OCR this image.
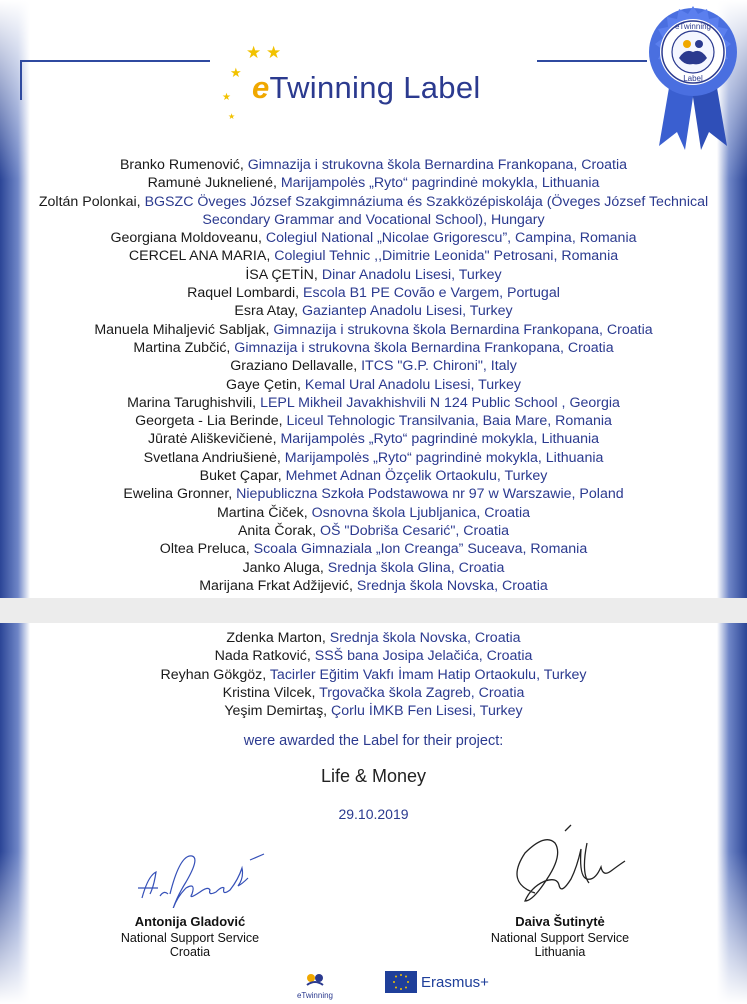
★ ★
★
★
★
eTwinning Label
eTwinning
Label
Branko Rumenović, Gimnazija i strukovna škola Bernardina Frankopana, Croatia
Ramunė Jukneliené, Marijampolės „Ryto“ pagrindinė mokykla, Lithuania
Zoltán Polonkai, BGSZC Öveges József Szakgimnáziuma és Szakközépiskolája (Öveges József Technical Secondary Grammar and Vocational School), Hungary
Georgiana Moldoveanu, Colegiul National „Nicolae Grigorescu”, Campina, Romania
CERCEL ANA MARIA, Colegiul Tehnic ,,Dimitrie Leonida" Petrosani, Romania
İSA ÇETİN, Dinar Anadolu Lisesi, Turkey
Raquel Lombardi, Escola B1 PE Covão e Vargem, Portugal
Esra Atay, Gaziantep Anadolu Lisesi, Turkey
Manuela Mihaljević Sabljak, Gimnazija i strukovna škola Bernardina Frankopana, Croatia
Martina Zubčić, Gimnazija i strukovna škola Bernardina Frankopana, Croatia
Graziano Dellavalle, ITCS "G.P. Chironi", Italy
Gaye Çetin, Kemal Ural Anadolu Lisesi, Turkey
Marina Tarughishvili, LEPL Mikheil Javakhishvili N 124 Public School , Georgia
Georgeta - Lia Berinde, Liceul Tehnologic Transilvania, Baia Mare, Romania
Jūratė Ališkevičienė, Marijampolės „Ryto“ pagrindinė mokykla, Lithuania
Svetlana Andriušienė, Marijampolės „Ryto“ pagrindinė mokykla, Lithuania
Buket Çapar, Mehmet Adnan Özçelik Ortaokulu, Turkey
Ewelina Gronner, Niepubliczna Szkoła Podstawowa nr 97 w Warszawie, Poland
Martina Čiček, Osnovna škola Ljubljanica, Croatia
Anita Čorak, OŠ "Dobriša Cesarić", Croatia
Oltea Preluca, Scoala Gimnaziala „Ion Creanga” Suceava, Romania
Janko Aluga, Srednja škola Glina, Croatia
Marijana Frkat Adžijević, Srednja škola Novska, Croatia
Zdenka Marton, Srednja škola Novska, Croatia
Nada Ratković, SSŠ bana Josipa Jelačića, Croatia
Reyhan Gökgöz, Tacirler Eğitim Vakfı İmam Hatip Ortaokulu, Turkey
Kristina Vilcek, Trgovačka škola Zagreb, Croatia
Yeşim Demirtaş, Çorlu İMKB Fen Lisesi, Turkey
were awarded the Label for their project:
Life & Money
29.10.2019
Antonija Gladović
National Support Service
Croatia
Daiva Šutinytė
National Support Service
Lithuania
eTwinning
Erasmus+
